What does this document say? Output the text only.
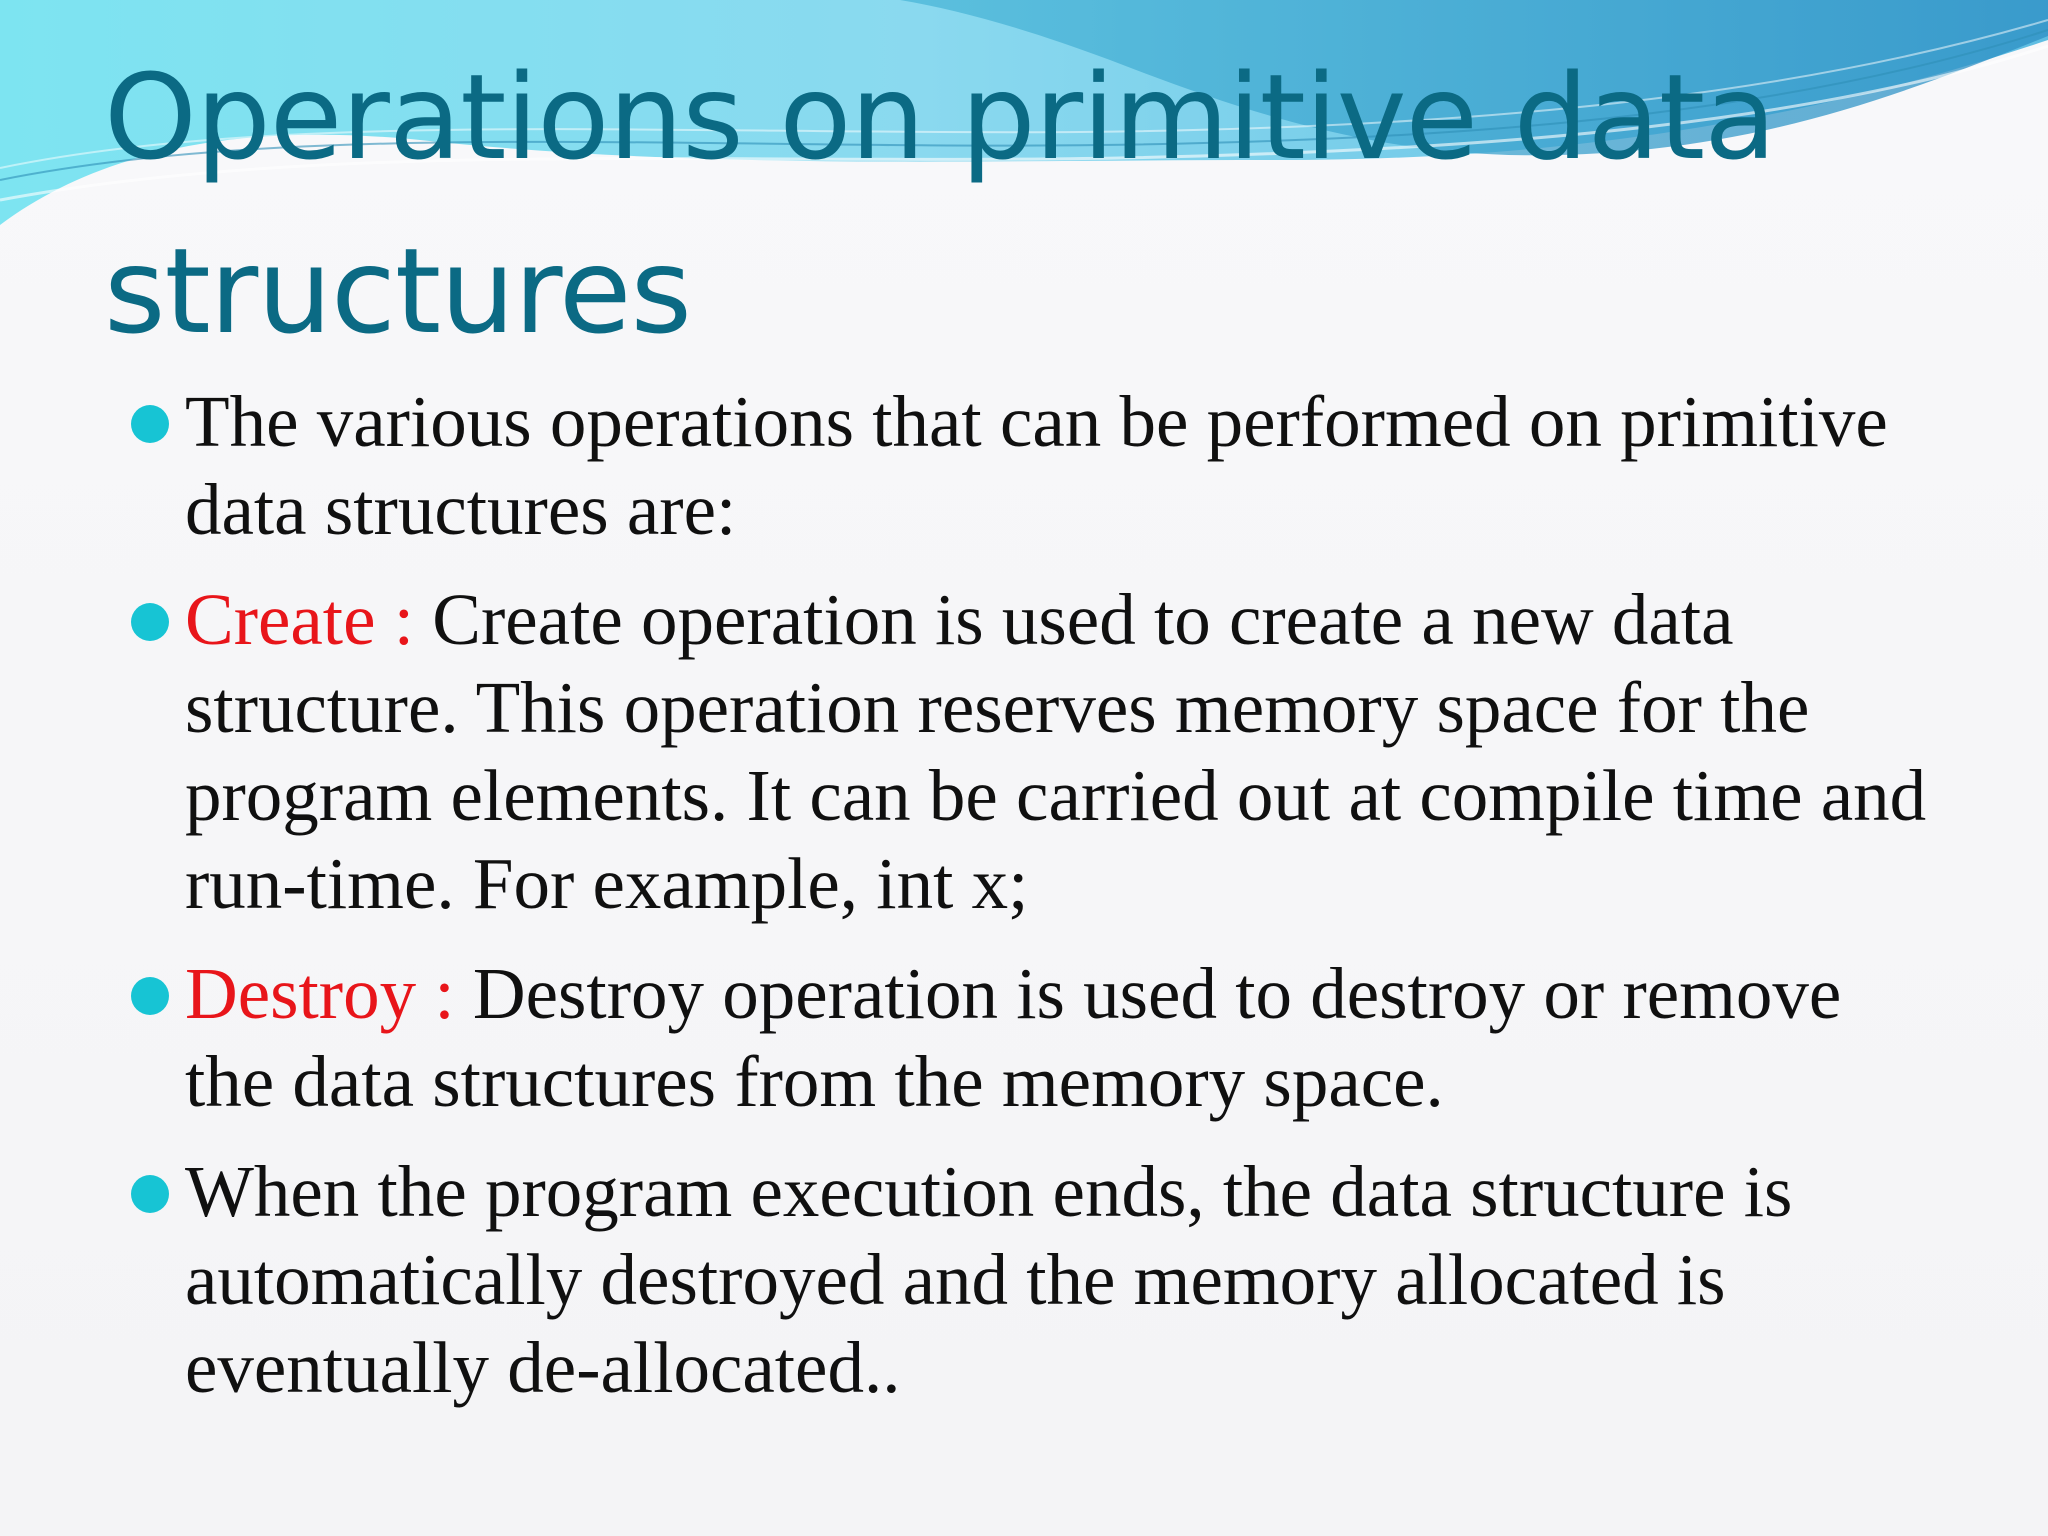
Operations on primitive data structures
The various operations that can be performed on primitive data structures are:
Create : Create operation is used to create a new data structure. This operation reserves memory space for the program elements. It can be carried out at compile time and run-time. For example, int x;
Destroy : Destroy operation is used to destroy or remove the data structures from the memory space.
When the program execution ends, the data structure is automatically destroyed and the memory allocated is eventually de-allocated..
